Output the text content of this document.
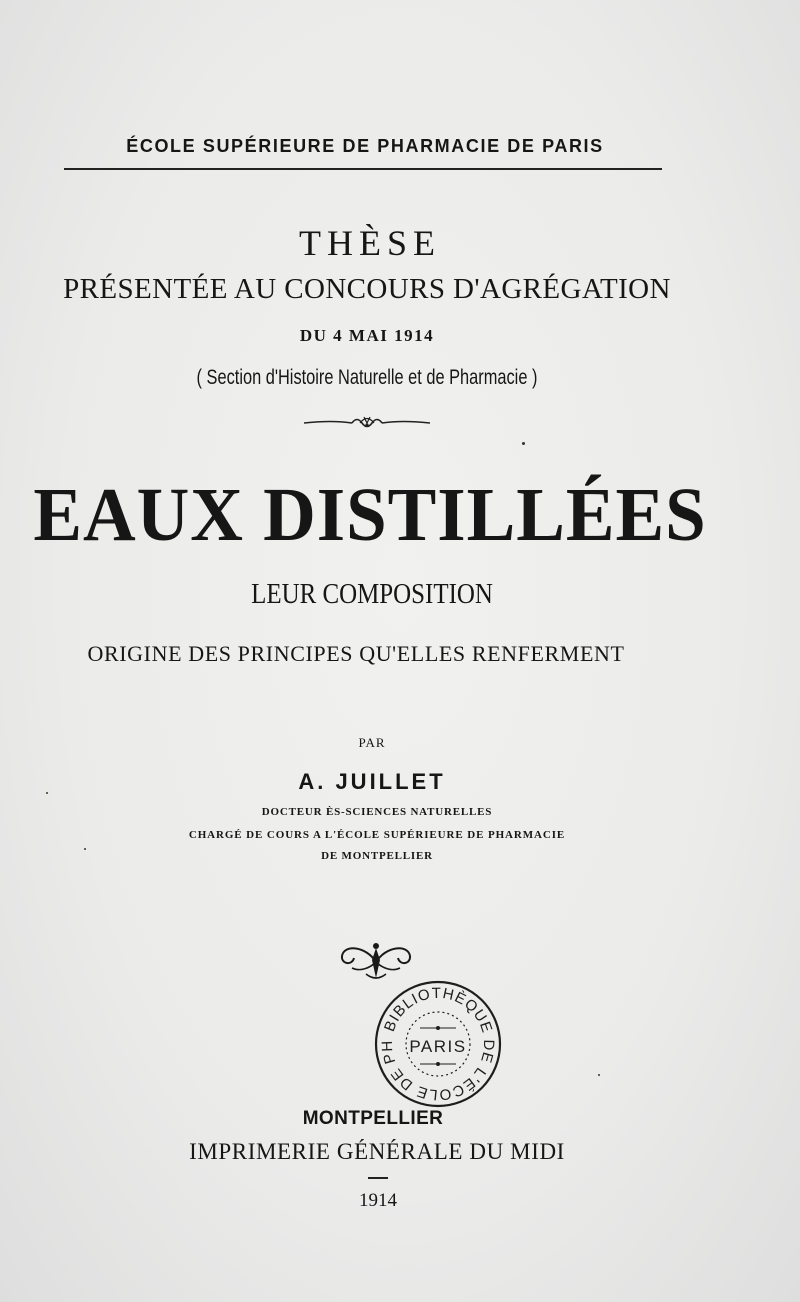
ÉCOLE SUPÉRIEURE DE PHARMACIE DE PARIS
THÈSE
PRÉSENTÉE AU CONCOURS D'AGRÉGATION
DU 4 MAI 1914
( Section d'Histoire Naturelle et de Pharmacie )
EAUX DISTILLÉES
LEUR COMPOSITION
ORIGINE DES PRINCIPES QU'ELLES RENFERMENT
PAR
A. JUILLET
DOCTEUR ÈS-SCIENCES NATURELLES
CHARGÉ DE COURS A L'ÉCOLE SUPÉRIEURE DE PHARMACIE
DE MONTPELLIER
BIBLIOTHÈQUE DE L'ÉCOLE DE PH PARIS
MONTPELLIER
IMPRIMERIE GÉNÉRALE DU MIDI
1914
